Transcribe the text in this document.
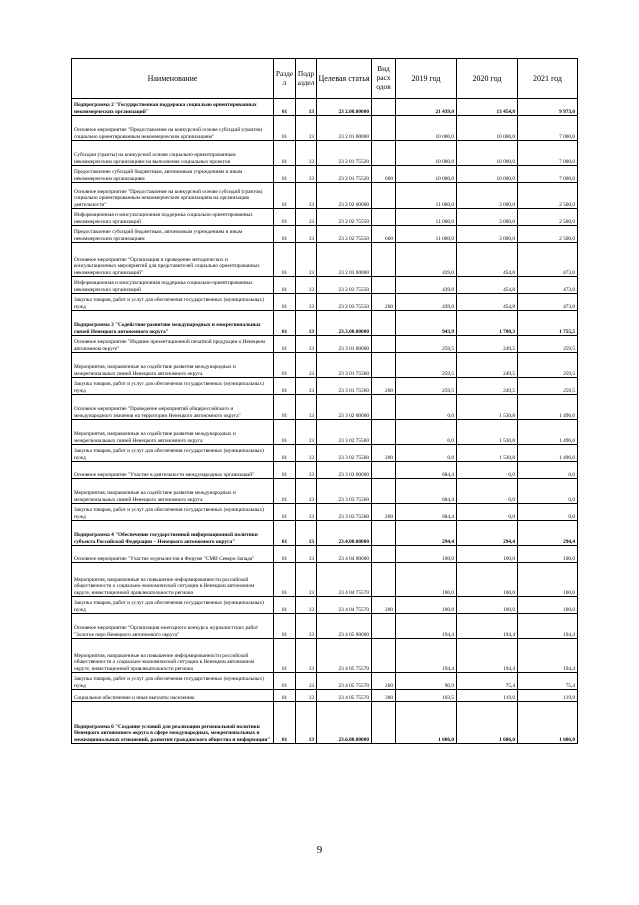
Наименование	Разде л	Подр аздел	Целевая статья	Вид расх одов	2019 год	2020 год	2021 год
Подпрограмма 2 "Государственная поддержка социально ориентированных некоммерческих организаций"	01	13	23 2.00.00000		21 439,0	13 454,8	9 973,0
Основное мероприятие "Предоставление на конкурсной основе субсидий (грантов) социально ориентированным некоммерческим организациям"	01	13	23 2 01 00000		10 000,0	10 000,0	7 000,0
Субсидии (гранты) на конкурсной основе социально-ориентированным некоммерческим организациям на выполнение социальных проектов	01	13	23 2 01 75520		10 000,0	10 000,0	7 000,0
Предоставление субсидий бюджетным, автономным учреждениям и иным некоммерческим организациям	01	13	23 2 01 75520	600	10 000,0	10 000,0	7 000,0
Основное мероприятие "Предоставление на конкурсной основе субсидий (грантов) социально ориентированным некоммерческим организациям на организацию деятельности"	01	13	23 2 02 00000		11 000,0	3 000,0	2 500,0
Информационная и консультационная поддержка социально-ориентированных некоммерческих организаций	01	13	23 2 02 75550		11 000,0	3 000,0	2 500,0
Предоставление субсидий бюджетным, автономным учреждениям и иным некоммерческим организациям	01	13	23 2 02 75550	600	11 000,0	3 000,0	2 500,0
Основное мероприятие "Организация и проведение методических и консультационных мероприятий для представителей социально ориентированных некоммерческих организаций"	01	13	23 2 03 00000		439,0	454,8	473,0
Информационная и консультационная поддержка социально-ориентированных некоммерческих организаций	01	13	23 2 03 75550		439,0	454,8	473,0
Закупка товаров, работ и услуг для обеспечения государственных (муниципальных) нужд	01	13	23 2 03 75550	200	439,0	454,8	473,0
Подпрограмма 3 "Содействие развитию международных и межрегиональных связей Ненецкого автономного округа"	01	13	23.3.00.00000		943,9	1 780,3	1 755,5
Основное мероприятие "Издание презентационной печатной продукции о Ненецком автономном округе"	01	13	23 3 01 00000		259,5	249,5	259,5
Мероприятия, направленные на содействие развития международных и межрегиональных связей Ненецкого автономного округа	01	13	23 3 01 75560		259,5	249,5	259,5
Закупка товаров, работ и услуг для обеспечения государственных (муниципальных) нужд	01	13	23 3 01 75560	200	259,5	249,5	259,5
Основное мероприятие "Проведение мероприятий общероссийского и международного значения на территории Ненецкого автономного округа"	01	13	23 3 02 00000		0,0	1 530,8	1 496,0
Мероприятия, направленные на содействие развития международных и межрегиональных связей Ненецкого автономного округа	01	13	23 3 02 75560		0,0	1 530,8	1 496,0
Закупка товаров, работ и услуг для обеспечения государственных (муниципальных) нужд	01	13	23 3 02 75560	200	0,0	1 530,8	1 496,0
Основное мероприятие "Участие в деятельности международных организаций"	01	13	23 3 03 00000		684,4	0,0	0,0
Мероприятия, направленные на содействие развития международных и межрегиональных связей Ненецкого автономного округа	01	13	23 3 03 75560		684,4	0,0	0,0
Закупка товаров, работ и услуг для обеспечения государственных (муниципальных) нужд	01	13	23 3 03 75560	200	684,4	0,0	0,0
Подпрограмма 4 "Обеспечение государственной информационной политики субъекта Российской Федерации – Ненецкого автономного округа"	01	13	23.4.00.00000		294,4	294,4	294,4
Основное мероприятие "Участие журналистов в Форуме "СМИ Северо-Запада"	01	13	23 4 04 00000		100,0	100,0	100,0
Мероприятия, направленные на повышение информированности российской общественности о социально-экономической ситуации в Ненецком автономном округе, инвестиционной привлекательности региона	01	13	23 4 04 75570		100,0	100,0	100,0
Закупка товаров, работ и услуг для обеспечения государственных (муниципальных) нужд	01	13	23 4 04 75570	200	100,0	100,0	100,0
Основное мероприятие "Организация ежегодного конкурса журналистских работ "Золотое перо Ненецкого автономного округа"	01	13	23 4 05 00000		194,4	194,4	194,4
Мероприятия, направленные на повышение информированности российской общественности о социально-экономической ситуации в Ненецком автономном округе, инвестиционной привлекательности региона	01	13	23 4 05 75570		194,4	194,4	194,4
Закупка товаров, работ и услуг для обеспечения государственных (муниципальных) нужд	01	13	23 4 05 75570	200	90,9	75,4	75,4
Социальное обеспечение и иные выплаты населению	01	13	23 4 05 75570	300	103,5	119,0	119,0
Подпрограмма 6 "Создание условий для реализации региональной политики Ненецкого автономного округа в сфере международных, межрегиональных и межнациональных отношений, развития гражданского общества и информации"	01	13	23.6.00.00000		1 606,0	1 606,0	1 606,0
9
